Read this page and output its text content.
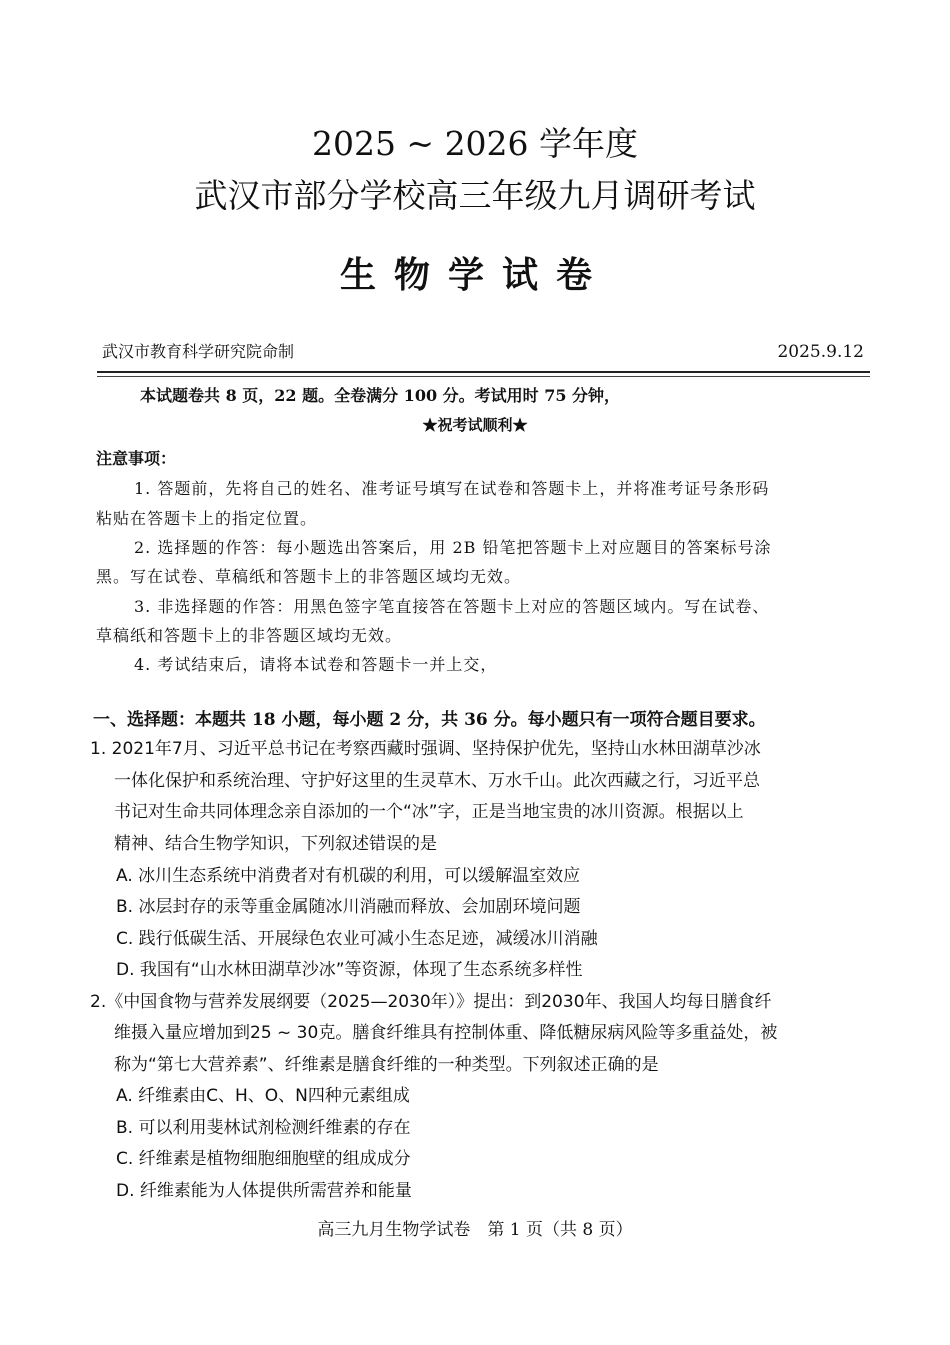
2025 ~ 2026 学年度
武汉市部分学校高三年级九月调研考试
生物学试卷
武汉市教育科学研究院命制	2025.9.12
本试题卷共 8 页，22 题。全卷满分 100 分。考试用时 75 分钟，
★祝考试顺利★
注意事项：
1. 答题前，先将自己的姓名、准考证号填写在试卷和答题卡上，并将准考证号条形码
粘贴在答题卡上的指定位置。
2. 选择题的作答：每小题选出答案后，用 2B 铅笔把答题卡上对应题目的答案标号涂
黑。写在试卷、草稿纸和答题卡上的非答题区域均无效。
3. 非选择题的作答：用黑色签字笔直接答在答题卡上对应的答题区域内。写在试卷、
草稿纸和答题卡上的非答题区域均无效。
4. 考试结束后，请将本试卷和答题卡一并上交，
一、选择题：本题共 18 小题，每小题 2 分，共 36 分。每小题只有一项符合题目要求。
1. 2021年7月、习近平总书记在考察西藏时强调、坚持保护优先，坚持山水林田湖草沙冰
一体化保护和系统治理、守护好这里的生灵草木、万水千山。此次西藏之行，习近平总
书记对生命共同体理念亲自添加的一个“冰”字，正是当地宝贵的冰川资源。根据以上
精神、结合生物学知识，下列叙述错误的是
A. 冰川生态系统中消费者对有机碳的利用，可以缓解温室效应
B. 冰层封存的汞等重金属随冰川消融而释放、会加剧环境问题
C. 践行低碳生活、开展绿色农业可减小生态足迹，减缓冰川消融
D. 我国有“山水林田湖草沙冰”等资源，体现了生态系统多样性
2.《中国食物与营养发展纲要（2025—2030年）》提出：到2030年、我国人均每日膳食纤
维摄入量应增加到25 ~ 30克。膳食纤维具有控制体重、降低糖尿病风险等多重益处，被
称为“第七大营养素”、纤维素是膳食纤维的一种类型。下列叙述正确的是
A. 纤维素由C、H、O、N四种元素组成
B. 可以利用斐林试剂检测纤维素的存在
C. 纤维素是植物细胞细胞壁的组成成分
D. 纤维素能为人体提供所需营养和能量
高三九月生物学试卷　第 1 页（共 8 页）
